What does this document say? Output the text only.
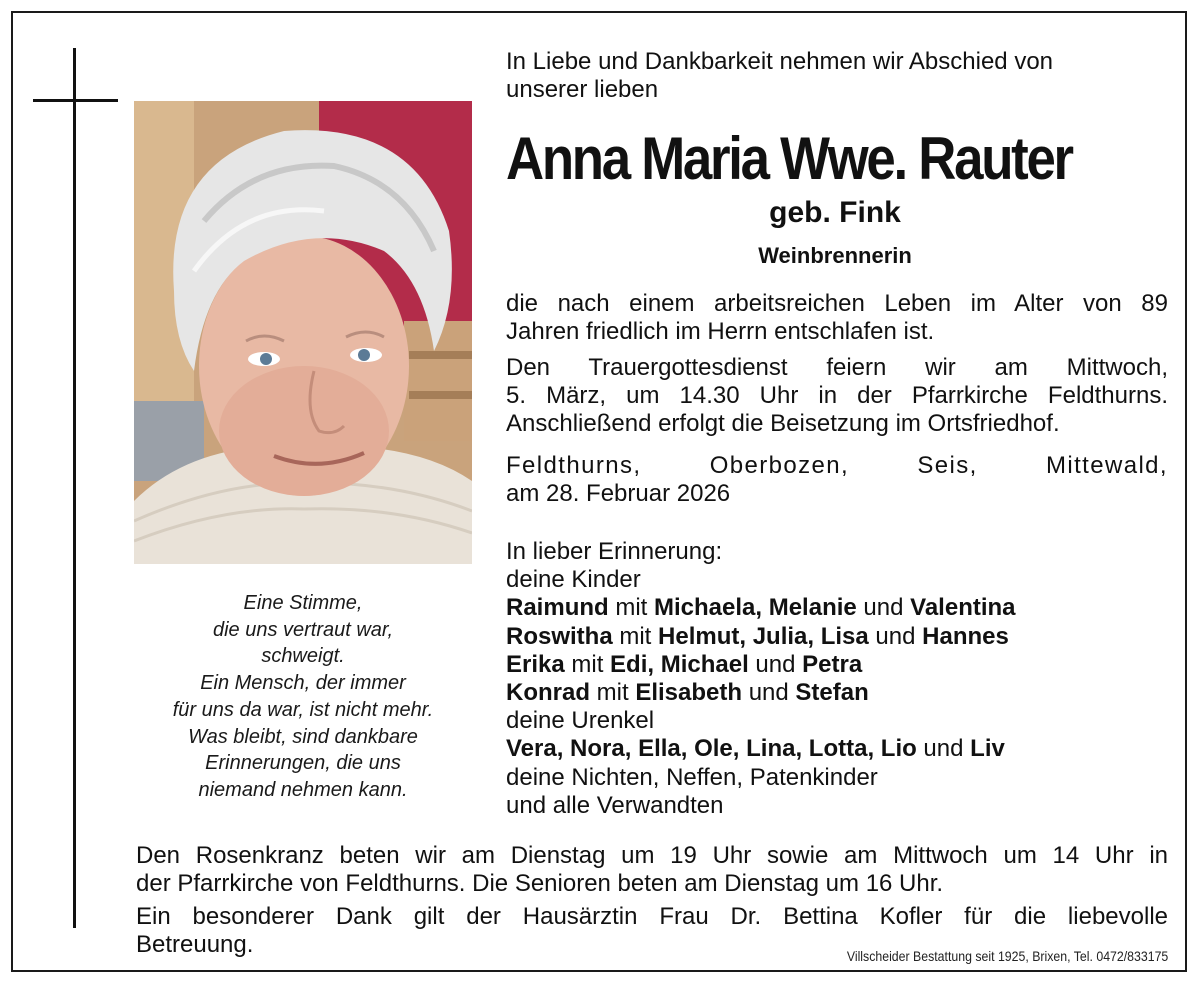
Eine Stimme,
die uns vertraut war,
schweigt.
Ein Mensch, der immer
für uns da war, ist nicht mehr.
Was bleibt, sind dankbare
Erinnerungen, die uns
niemand nehmen kann.
In Liebe und Dankbarkeit nehmen wir Abschied von
unserer lieben
Anna Maria Wwe. Rauter
geb. Fink
Weinbrennerin
die nach einem arbeitsreichen Leben im Alter von 89
Jahren friedlich im Herrn entschlafen ist.
Den Trauergottesdienst feiern wir am Mittwoch,
5. März, um 14.30 Uhr in der Pfarrkirche Feldthurns.
Anschließend erfolgt die Beisetzung im Ortsfriedhof.
Feldthurns, Oberbozen, Seis, Mittewald,
am 28. Februar 2026
In lieber Erinnerung:
deine Kinder
Raimund mit Michaela, Melanie und Valentina
Roswitha mit Helmut, Julia, Lisa und Hannes
Erika mit Edi, Michael und Petra
Konrad mit Elisabeth und Stefan
deine Urenkel
Vera, Nora, Ella, Ole, Lina, Lotta, Lio und Liv
deine Nichten, Neffen, Patenkinder
und alle Verwandten
Den Rosenkranz beten wir am Dienstag um 19 Uhr sowie am Mittwoch um 14 Uhr in
der Pfarrkirche von Feldthurns. Die Senioren beten am Dienstag um 16 Uhr.
Ein besonderer Dank gilt der Hausärztin Frau Dr. Bettina Kofler für die liebevolle
Betreuung.	Villscheider Bestattung seit 1925, Brixen, Tel. 0472/833175
